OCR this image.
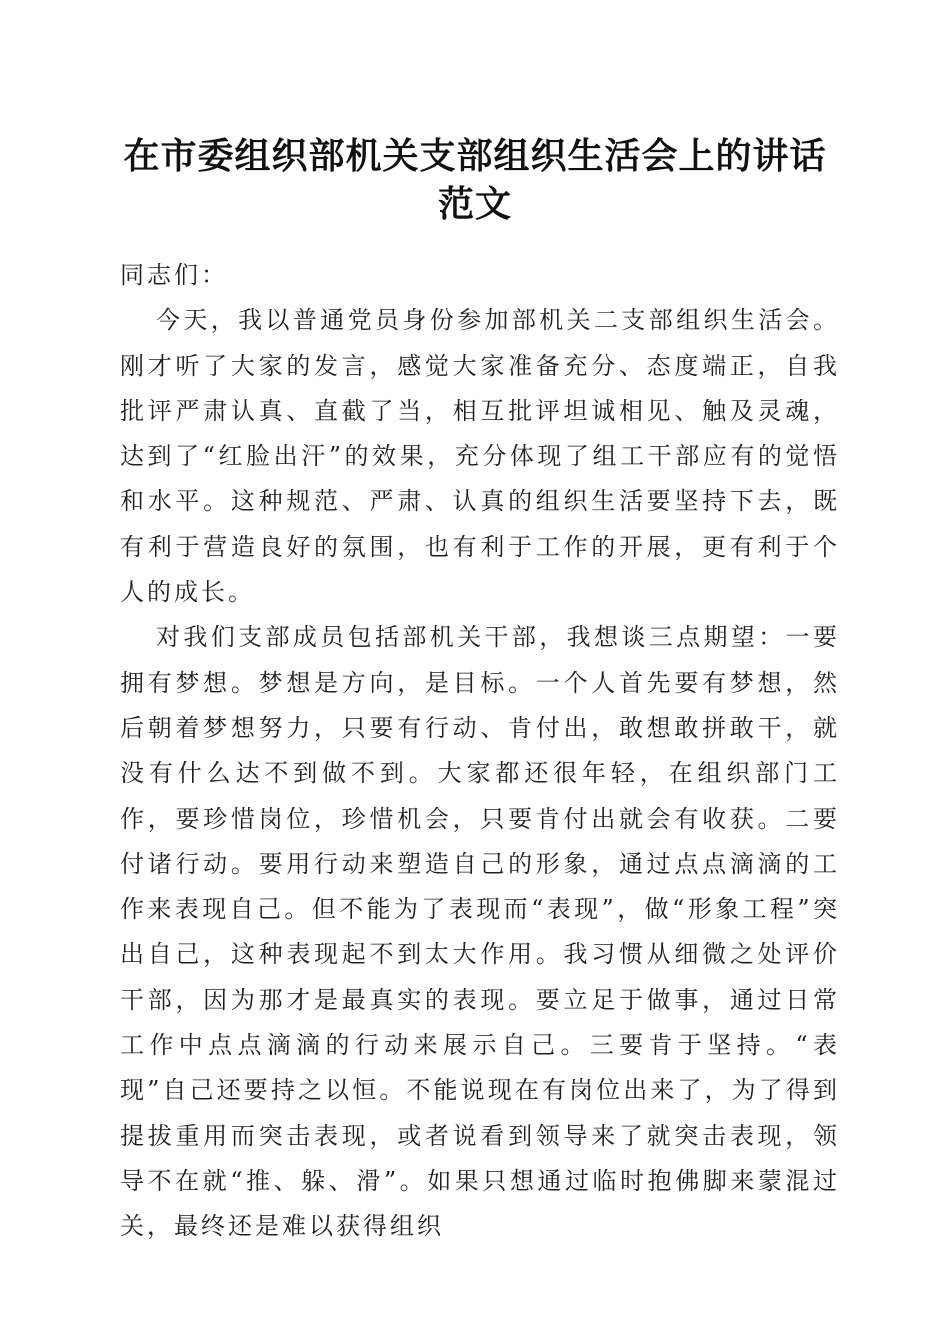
在市委组织部机关支部组织生活会上的讲话范文

同志们：

今天，我以普通党员身份参加部机关二支部组织生活会。刚才听了大家的发言，感觉大家准备充分、态度端正，自我批评严肃认真、直截了当，相互批评坦诚相见、触及灵魂，达到了“红脸出汗”的效果，充分体现了组工干部应有的觉悟和水平。这种规范、严肃、认真的组织生活要坚持下去，既有利于营造良好的氛围，也有利于工作的开展，更有利于个人的成长。

对我们支部成员包括部机关干部，我想谈三点期望：一要拥有梦想。梦想是方向，是目标。一个人首先要有梦想，然后朝着梦想努力，只要有行动、肯付出，敢想敢拼敢干，就没有什么达不到做不到。大家都还很年轻，在组织部门工作，要珍惜岗位，珍惜机会，只要肯付出就会有收获。二要付诸行动。要用行动来塑造自己的形象，通过点点滴滴的工作来表现自己。但不能为了表现而“表现”，做“形象工程”突出自己，这种表现起不到太大作用。我习惯从细微之处评价干部，因为那才是最真实的表现。要立足于做事，通过日常工作中点点滴滴的行动来展示自己。三要肯于坚持。“表现”自己还要持之以恒。不能说现在有岗位出来了，为了得到提拔重用而突击表现，或者说看到领导来了就突击表现，领导不在就“推、躲、滑”。如果只想通过临时抱佛脚来蒙混过关，最终还是难以获得组织
